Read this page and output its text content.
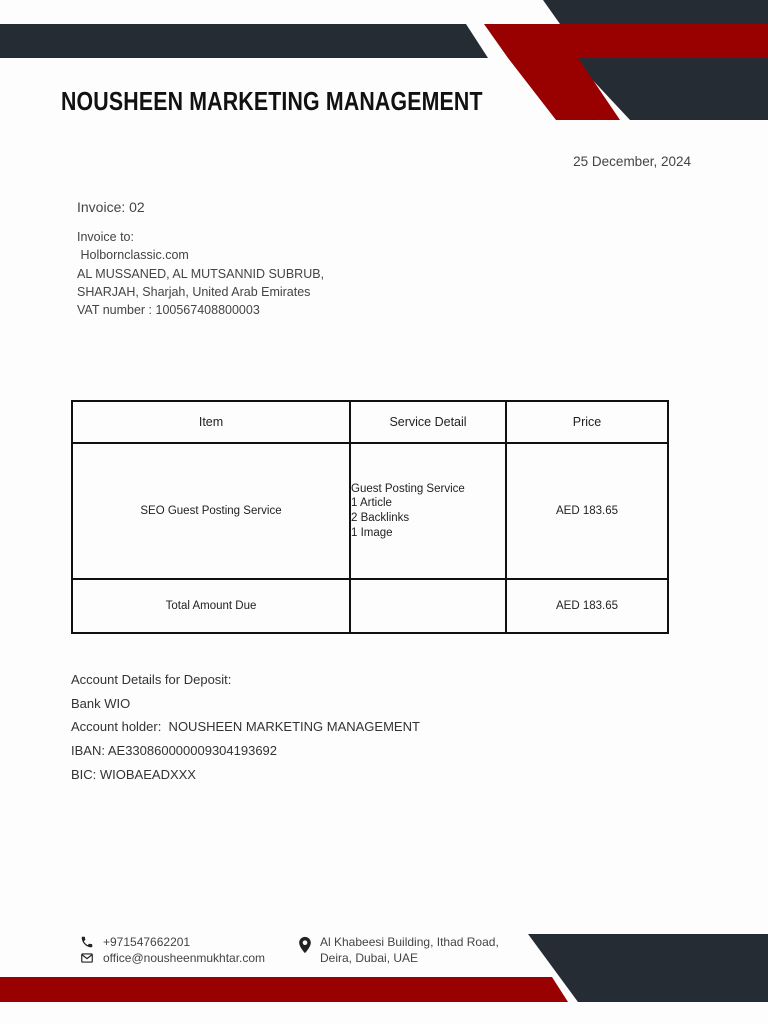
NOUSHEEN MARKETING MANAGEMENT
25 December, 2024
Invoice: 02
Invoice to:
Holbornclassic.com
AL MUSSANED, AL MUTSANNID SUBRUB,
SHARJAH, Sharjah, United Arab Emirates
VAT number : 100567408800003
Item	Service Detail	Price
SEO Guest Posting Service	Guest Posting Service
1 Article
2 Backlinks
1 Image	AED 183.65
Total Amount Due		AED 183.65
Account Details for Deposit:
Bank WIO
Account holder:  NOUSHEEN MARKETING MANAGEMENT
IBAN: AE330860000009304193692
BIC: WIOBAEADXXX
+971547662201
office@nousheenmukhtar.com
Al Khabeesi Building, Ithad Road,
Deira, Dubai, UAE
